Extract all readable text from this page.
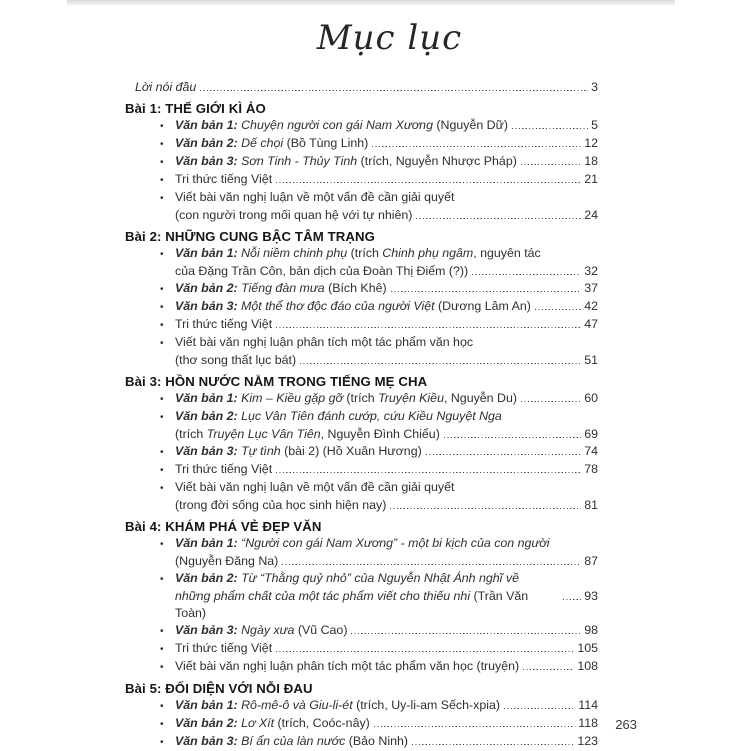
Mục lục
Lời nói đầu	3
Bài 1: THẾ GIỚI KÌ ẢO
• Văn bản 1: Chuyện người con gái Nam Xương (Nguyễn Dữ)	5
• Văn bản 2: Dế chọi (Bồ Tùng Linh)	12
• Văn bản 3: Sơn Tinh - Thủy Tinh (trích, Nguyễn Nhược Pháp)	18
• Tri thức tiếng Việt	21
• Viết bài văn nghị luận về một vấn đề cần giải quyết
(con người trong mối quan hệ với tự nhiên)	24
Bài 2: NHỮNG CUNG BẬC TÂM TRẠNG
• Văn bản 1: Nỗi niềm chinh phụ (trích Chinh phụ ngâm, nguyên tác
của Đặng Trần Côn, bản dịch của Đoàn Thị Điểm (?))	32
• Văn bản 2: Tiếng đàn mưa (Bích Khê)	37
• Văn bản 3: Một thể thơ độc đáo của người Việt (Dương Lâm An)	42
• Tri thức tiếng Việt	47
• Viết bài văn nghị luận phân tích một tác phẩm văn học
(thơ song thất lục bát)	51
Bài 3: HỒN NƯỚC NẰM TRONG TIẾNG MẸ CHA
• Văn bản 1: Kim – Kiều gặp gỡ (trích Truyện Kiều, Nguyễn Du)	60
• Văn bản 2: Lục Vân Tiên đánh cướp, cứu Kiều Nguyệt Nga
(trích Truyện Lục Vân Tiên, Nguyễn Đình Chiểu)	69
• Văn bản 3: Tự tình (bài 2) (Hồ Xuân Hương)	74
• Tri thức tiếng Việt	78
• Viết bài văn nghị luận về một vấn đề cần giải quyết
(trong đời sống của học sinh hiện nay)	81
Bài 4: KHÁM PHÁ VẺ ĐẸP VĂN
• Văn bản 1: “Người con gái Nam Xương” - một bi kịch của con người
(Nguyễn Đăng Na)	87
• Văn bản 2: Từ “Thằng quỷ nhỏ” của Nguyễn Nhật Ánh nghĩ về
những phẩm chất của một tác phẩm viết cho thiếu nhi (Trần Văn Toàn)
93
• Văn bản 3: Ngày xưa (Vũ Cao)	98
• Tri thức tiếng Việt	105
• Viết bài văn nghị luận phân tích một tác phẩm văn học (truyện)	108
Bài 5: ĐỐI DIỆN VỚI NỖI ĐAU
• Văn bản 1: Rô-mê-ô và Giu-li-ét (trích, Uy-li-am Sếch-xpia)	114
• Văn bản 2: Lơ Xít (trích, Coóc-nây)	118
• Văn bản 3: Bí ẩn của làn nước (Bảo Ninh)	123
263
